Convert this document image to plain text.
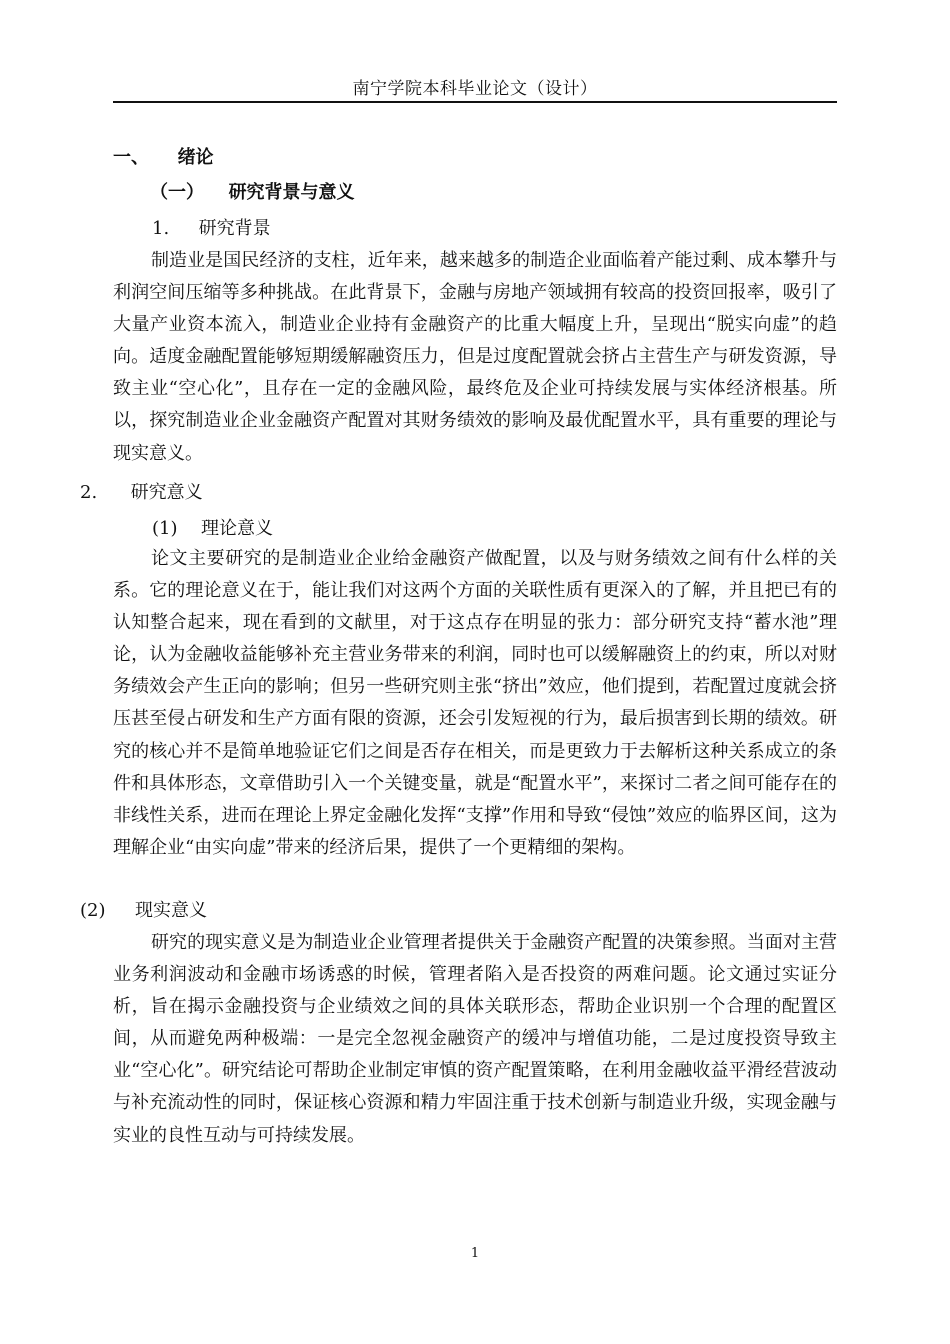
南宁学院本科毕业论文（设计）
一、 绪论
（一） 研究背景与意义
1. 研究背景
制造业是国民经济的支柱，近年来，越来越多的制造企业面临着产能过剩、成本攀升与利润空间压缩等多种挑战。在此背景下，金融与房地产领域拥有较高的投资回报率，吸引了大量产业资本流入，制造业企业持有金融资产的比重大幅度上升，呈现出“脱实向虚”的趋向。适度金融配置能够短期缓解融资压力，但是过度配置就会挤占主营生产与研发资源，导致主业“空心化”，且存在一定的金融风险，最终危及企业可持续发展与实体经济根基。所以，探究制造业企业金融资产配置对其财务绩效的影响及最优配置水平，具有重要的理论与现实意义。
2. 研究意义
(1) 理论意义
论文主要研究的是制造业企业给金融资产做配置，以及与财务绩效之间有什么样的关系。它的理论意义在于，能让我们对这两个方面的关联性质有更深入的了解，并且把已有的认知整合起来，现在看到的文献里，对于这点存在明显的张力：部分研究支持“蓄水池”理论，认为金融收益能够补充主营业务带来的利润，同时也可以缓解融资上的约束，所以对财务绩效会产生正向的影响；但另一些研究则主张“挤出”效应，他们提到，若配置过度就会挤压甚至侵占研发和生产方面有限的资源，还会引发短视的行为，最后损害到长期的绩效。研究的核心并不是简单地验证它们之间是否存在相关，而是更致力于去解析这种关系成立的条件和具体形态，文章借助引入一个关键变量，就是“配置水平”，来探讨二者之间可能存在的非线性关系，进而在理论上界定金融化发挥“支撑”作用和导致“侵蚀”效应的临界区间，这为理解企业“由实向虚”带来的经济后果，提供了一个更精细的架构。
(2) 现实意义
研究的现实意义是为制造业企业管理者提供关于金融资产配置的决策参照。当面对主营业务利润波动和金融市场诱惑的时候，管理者陷入是否投资的两难问题。论文通过实证分析，旨在揭示金融投资与企业绩效之间的具体关联形态，帮助企业识别一个合理的配置区间，从而避免两种极端：一是完全忽视金融资产的缓冲与增值功能，二是过度投资导致主业“空心化”。研究结论可帮助企业制定审慎的资产配置策略，在利用金融收益平滑经营波动与补充流动性的同时，保证核心资源和精力牢固注重于技术创新与制造业升级，实现金融与实业的良性互动与可持续发展。
1
